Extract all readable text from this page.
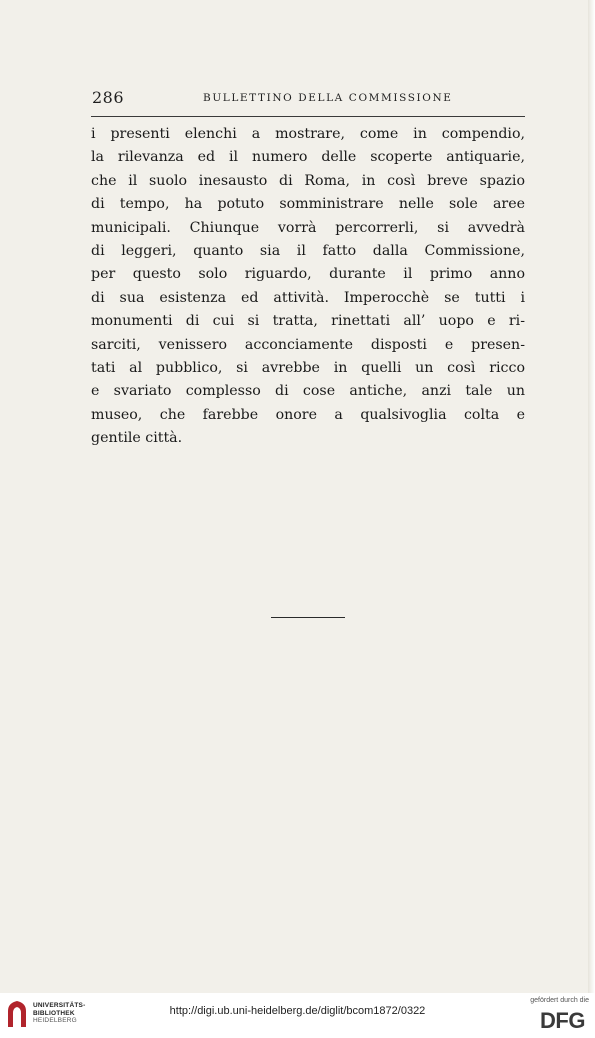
286	BULLETTINO DELLA COMMISSIONE
i presenti elenchi a mostrare, come in compendio,
la rilevanza ed il numero delle scoperte antiquarie,
che il suolo inesausto di Roma, in così breve spazio
di tempo, ha potuto somministrare nelle sole aree
municipali. Chiunque vorrà percorrerli, si avvedrà
di leggeri, quanto sia il fatto dalla Commissione,
per questo solo riguardo, durante il primo anno
di sua esistenza ed attività. Imperocchè se tutti i
monumenti di cui si tratta, rinettati all’ uopo e ri-
sarciti, venissero acconciamente disposti e presen-
tati al pubblico, si avrebbe in quelli un così ricco
e svariato complesso di cose antiche, anzi tale un
museo, che farebbe onore a qualsivoglia colta e
gentile città.
UNIVERSITÄTS-
BIBLIOTHEK
HEIDELBERG
http://digi.ub.uni-heidelberg.de/diglit/bcom1872/0322
gefördert durch die
DFG
